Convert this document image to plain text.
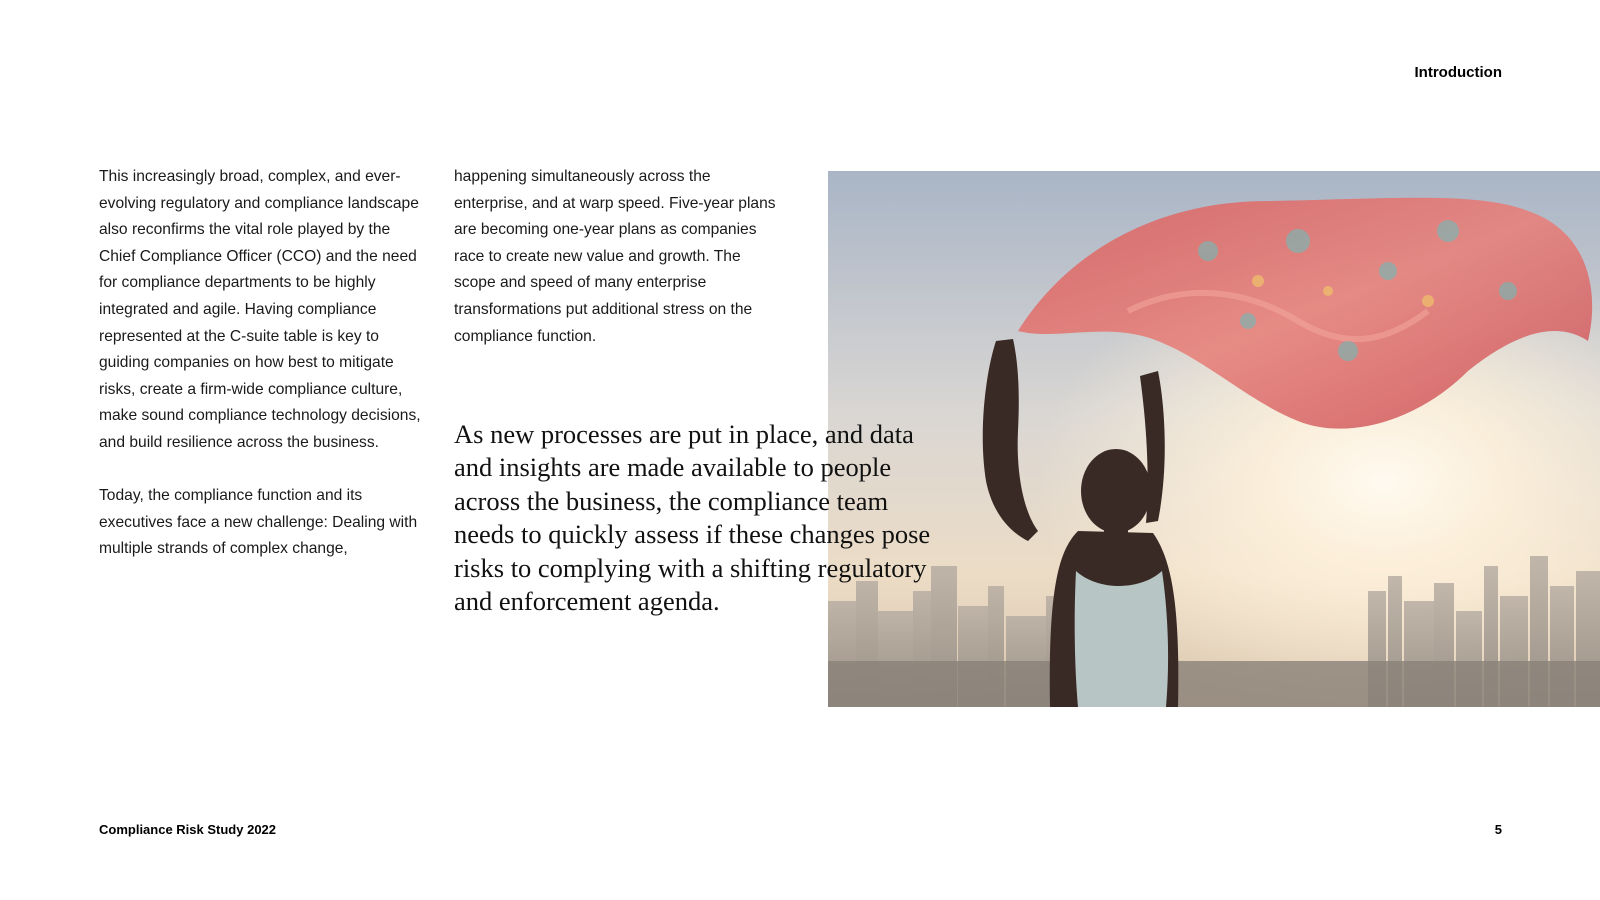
Introduction

This increasingly broad, complex, and ever-evolving regulatory and compliance landscape also reconfirms the vital role played by the Chief Compliance Officer (CCO) and the need for compliance departments to be highly integrated and agile. Having compliance represented at the C-suite table is key to guiding companies on how best to mitigate risks, create a firm-wide compliance culture, make sound compliance technology decisions, and build resilience across the business.

Today, the compliance function and its executives face a new challenge: Dealing with multiple strands of complex change,

happening simultaneously across the enterprise, and at warp speed. Five-year plans are becoming one-year plans as companies race to create new value and growth. The scope and speed of many enterprise transformations put additional stress on the compliance function.

As new processes are put in place, and data and insights are made available to people across the business, the compliance team needs to quickly assess if these changes pose risks to complying with a shifting regulatory and enforcement agenda.

Compliance Risk Study 2022	5
